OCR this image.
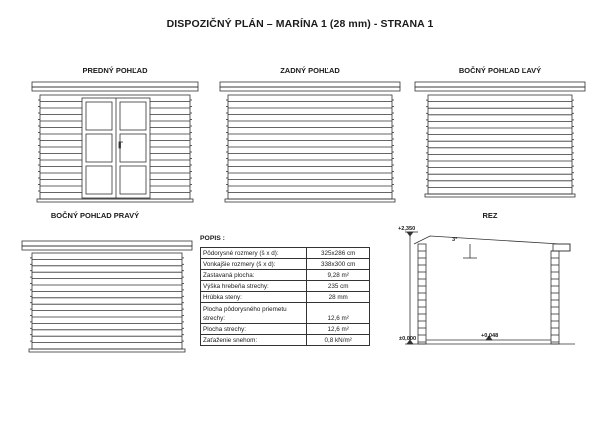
DISPOZIČNÝ PLÁN – MARÍNA 1 (28 mm) - STRANA 1
PREDNÝ POHĽAD	ZADNÝ POHĽAD	BOČNÝ POHĽAD ĽAVÝ
BOČNÝ POHĽAD PRAVÝ	REZ
POPIS :
Pôdorysné rozmery (š x d):	325x286 cm
Vonkajšie rozmery (š x d):	338x300 cm
Zastavaná plocha:	9,28 m²
Výška hrebeňa strechy:	235 cm
Hrúbka steny:	28 mm
Plocha pôdorysného priemetu strechy:	12,6 m²
Plocha strechy:	12,6 m²
Zaťaženie snehom:	0,8 kN/m²
+2,350
+0,048
±0,000
3°
